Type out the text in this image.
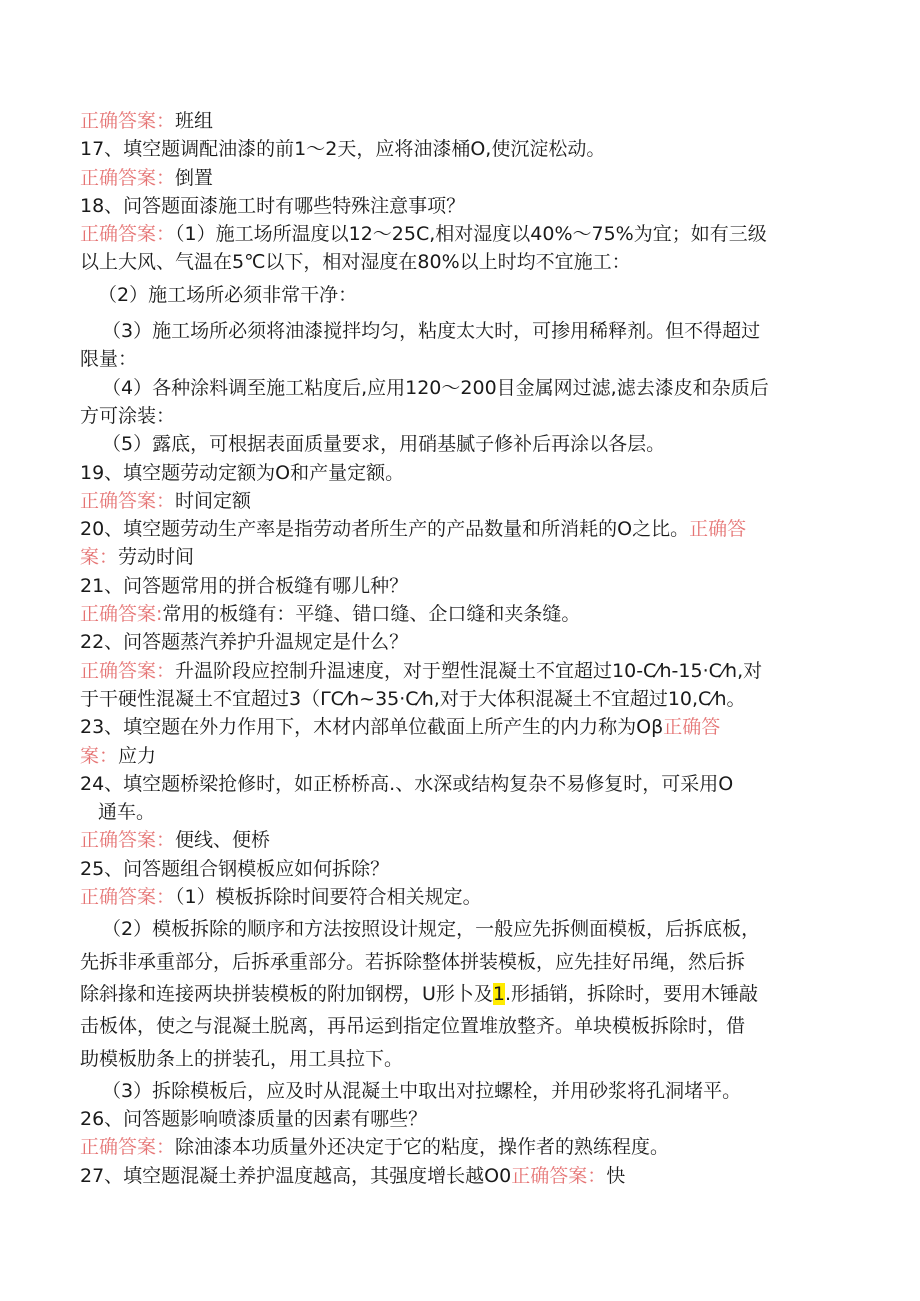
正确答案：班组
17、填空题调配油漆的前1～2天，应将油漆桶O,使沉淀松动。
正确答案：倒置
18、问答题面漆施工时有哪些特殊注意事项？
正确答案：（1）施工场所温度以12～25C,相对湿度以40%～75%为宜；如有三级
以上大风、气温在5℃以下，相对湿度在80%以上时均不宜施工：
（2）施工场所必须非常干净：
（3）施工场所必须将油漆搅拌均匀，粘度太大时，可掺用稀释剂。但不得超过
限量：
（4）各种涂料调至施工粘度后,应用120～200目金属网过滤,滤去漆皮和杂质后
方可涂装：
（5）露底，可根据表面质量要求，用硝基腻子修补后再涂以各层。
19、填空题劳动定额为O和产量定额。
正确答案：时间定额
20、填空题劳动生产率是指劳动者所生产的产品数量和所消耗的O之比。正确答
案：劳动时间
21、问答题常用的拼合板缝有哪儿种？
正确答案:常用的板缝有：平缝、错口缝、企口缝和夹条缝。
22、问答题蒸汽养护升温规定是什么？
正确答案：升温阶段应控制升温速度，对于塑性混凝土不宜超过10-C⁄h-15·C⁄h,对
于干硬性混凝土不宜超过3（ΓC⁄h~35·C⁄h,对于大体积混凝土不宜超过10,C⁄h。
23、填空题在外力作用下，木材内部单位截面上所产生的内力称为Oβ正确答
案：应力
24、填空题桥梁抢修时，如正桥桥高.、水深或结构复杂不易修复时，可采用O
通车。
正确答案：便线、便桥
25、问答题组合钢模板应如何拆除？
正确答案：（1）模板拆除时间要符合相关规定。
（2）模板拆除的顺序和方法按照设计规定，一般应先拆侧面模板，后拆底板，
先拆非承重部分，后拆承重部分。若拆除整体拼装模板，应先挂好吊绳，然后拆
除斜掾和连接两块拼装模板的附加钢楞，U形卜及1.形插销，拆除时，要用木锤敲
击板体，使之与混凝土脱离，再吊运到指定位置堆放整齐。单块模板拆除时，借
助模板肋条上的拼装孔，用工具拉下。
（3）拆除模板后，应及时从混凝土中取出对拉螺栓，并用砂浆将孔洞堵平。
26、问答题影响喷漆质量的因素有哪些？
正确答案：除油漆本功质量外还决定于它的粘度，操作者的熟练程度。
27、填空题混凝土养护温度越高，其强度增长越O0正确答案：快
